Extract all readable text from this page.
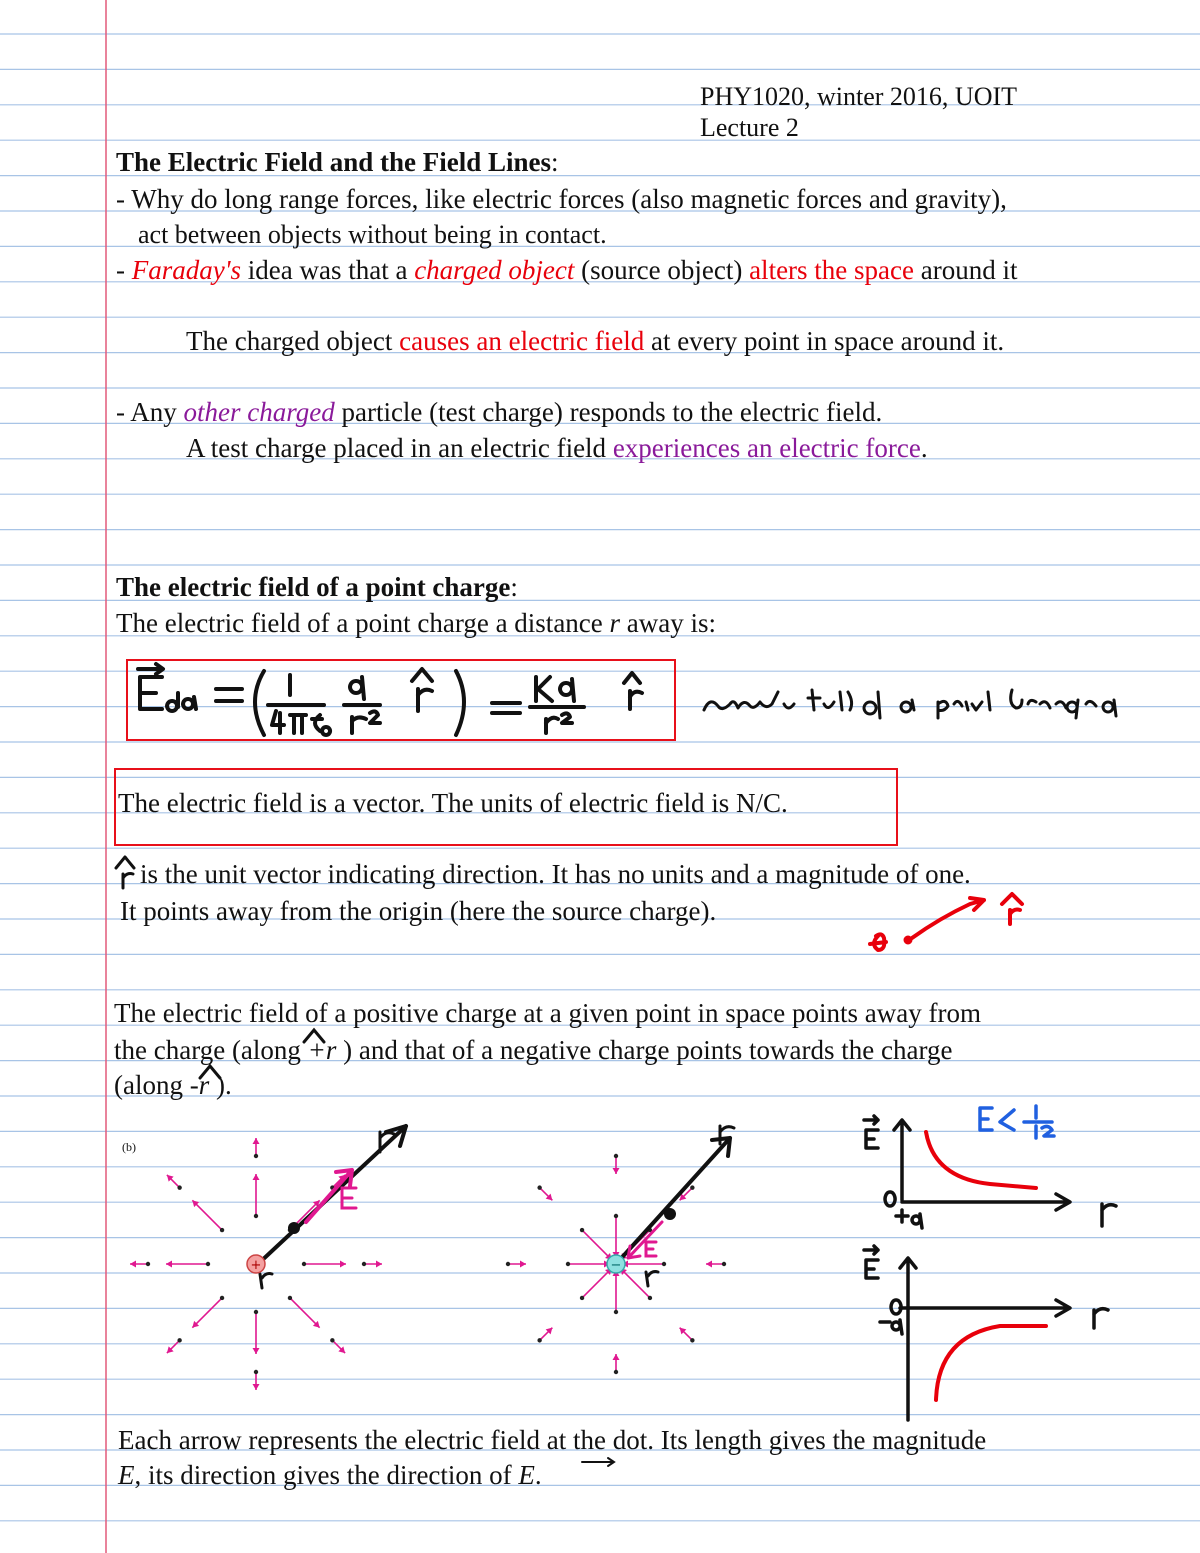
PHY1020, winter 2016, UOIT
Lecture 2
The Electric Field and the Field Lines:
- Why do long range forces, like electric forces (also magnetic forces and gravity),
act between objects without being in contact.
- Faraday's idea was that a charged object (source object) alters the space around it
The charged object causes an electric field at every point in space around it.
- Any other charged particle (test charge) responds to the electric field.
A test charge placed in an electric field experiences an electric force.
The electric field of a point charge:
The electric field of a point charge a distance r away is:
The electric field is a vector. The units of electric field is N/C.
is the unit vector indicating direction. It has no units and a magnitude of one.
It points away from the origin (here the source charge).
The electric field of a positive charge at a given point in space points away from
the charge (along +r ) and that of a negative charge points towards the charge
(along -r ).
(b)
+	−
Each arrow represents the electric field at the dot. Its length gives the magnitude
E, its direction gives the direction of E.
